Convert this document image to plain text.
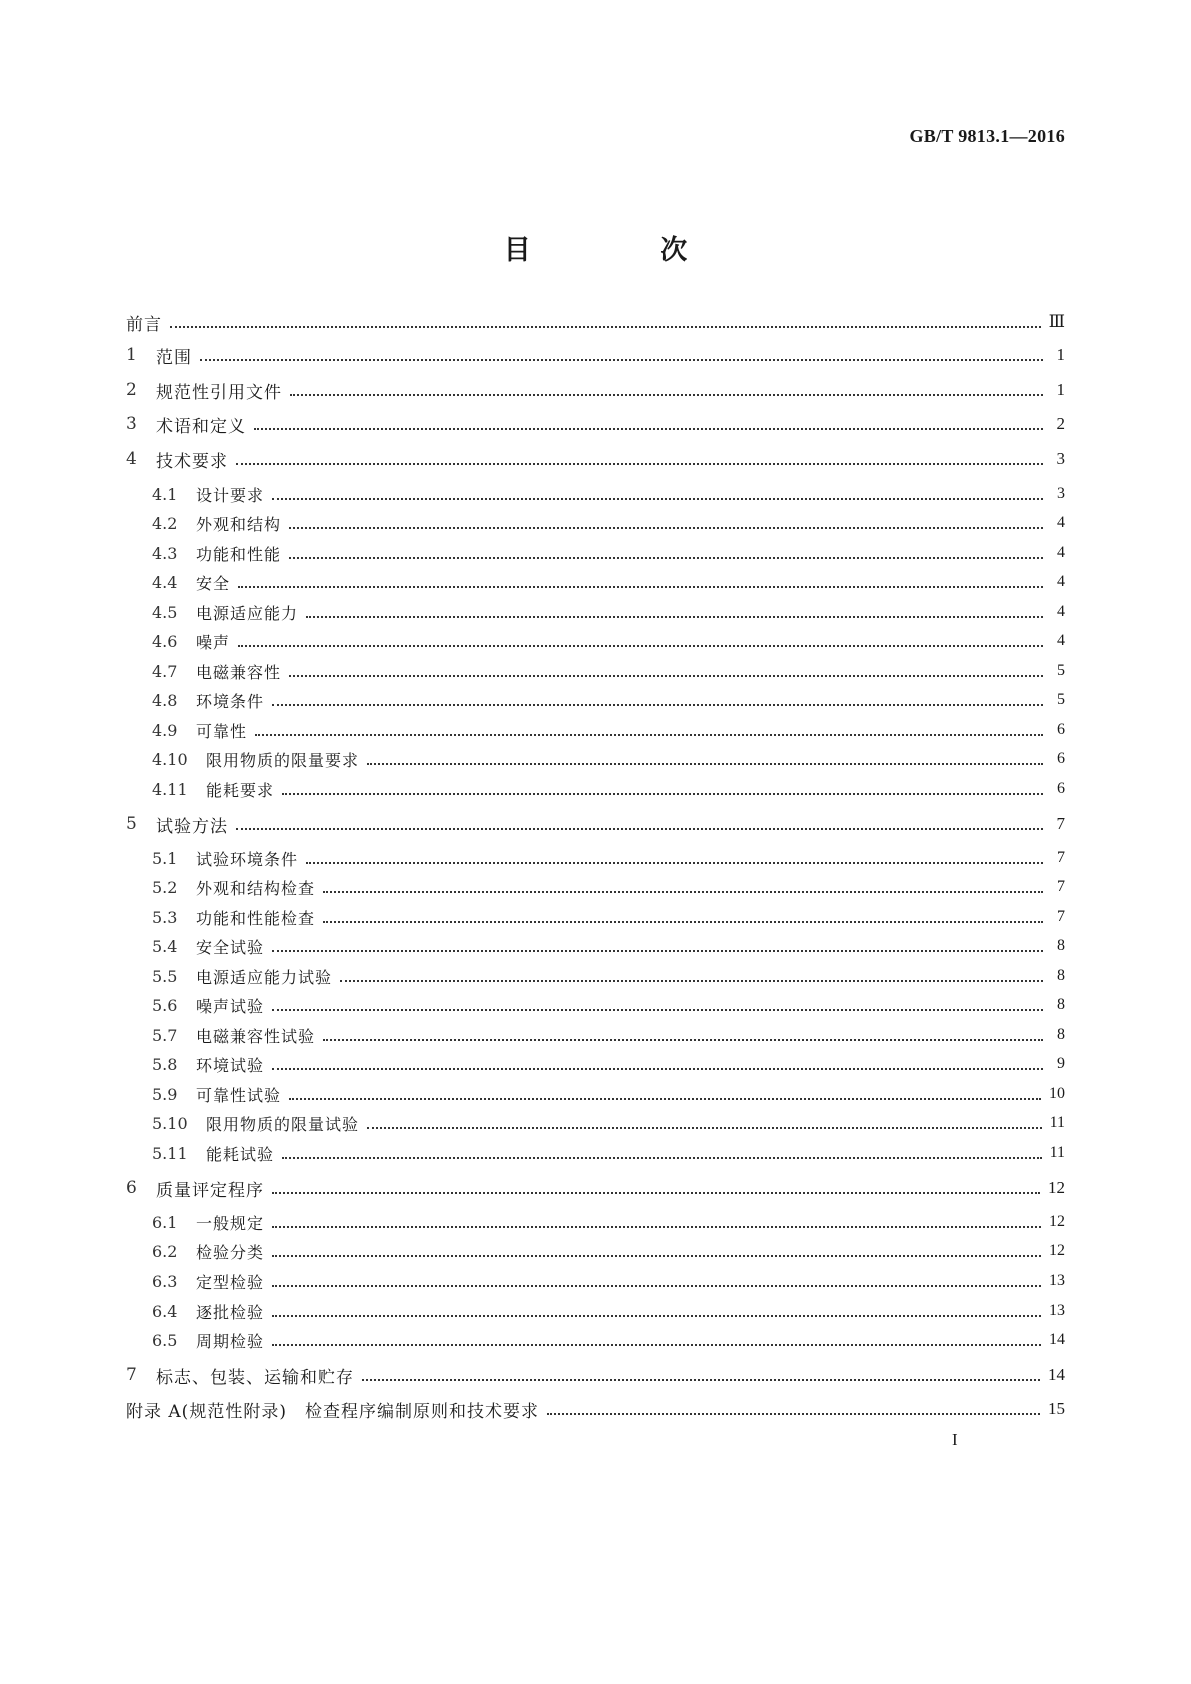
GB/T 9813.1—2016
目 次
前言	Ⅲ
1	范围	1
2	规范性引用文件	1
3	术语和定义	2
4	技术要求	3
4.1	设计要求	3
4.2	外观和结构	4
4.3	功能和性能	4
4.4	安全	4
4.5	电源适应能力	4
4.6	噪声	4
4.7	电磁兼容性	5
4.8	环境条件	5
4.9	可靠性	6
4.10	限用物质的限量要求	6
4.11	能耗要求	6
5	试验方法	7
5.1	试验环境条件	7
5.2	外观和结构检查	7
5.3	功能和性能检查	7
5.4	安全试验	8
5.5	电源适应能力试验	8
5.6	噪声试验	8
5.7	电磁兼容性试验	8
5.8	环境试验	9
5.9	可靠性试验	10
5.10	限用物质的限量试验	11
5.11	能耗试验	11
6	质量评定程序	12
6.1	一般规定	12
6.2	检验分类	12
6.3	定型检验	13
6.4	逐批检验	13
6.5	周期检验	14
7	标志、包装、运输和贮存	14
附录 A(规范性附录)　检查程序编制原则和技术要求	15
I
